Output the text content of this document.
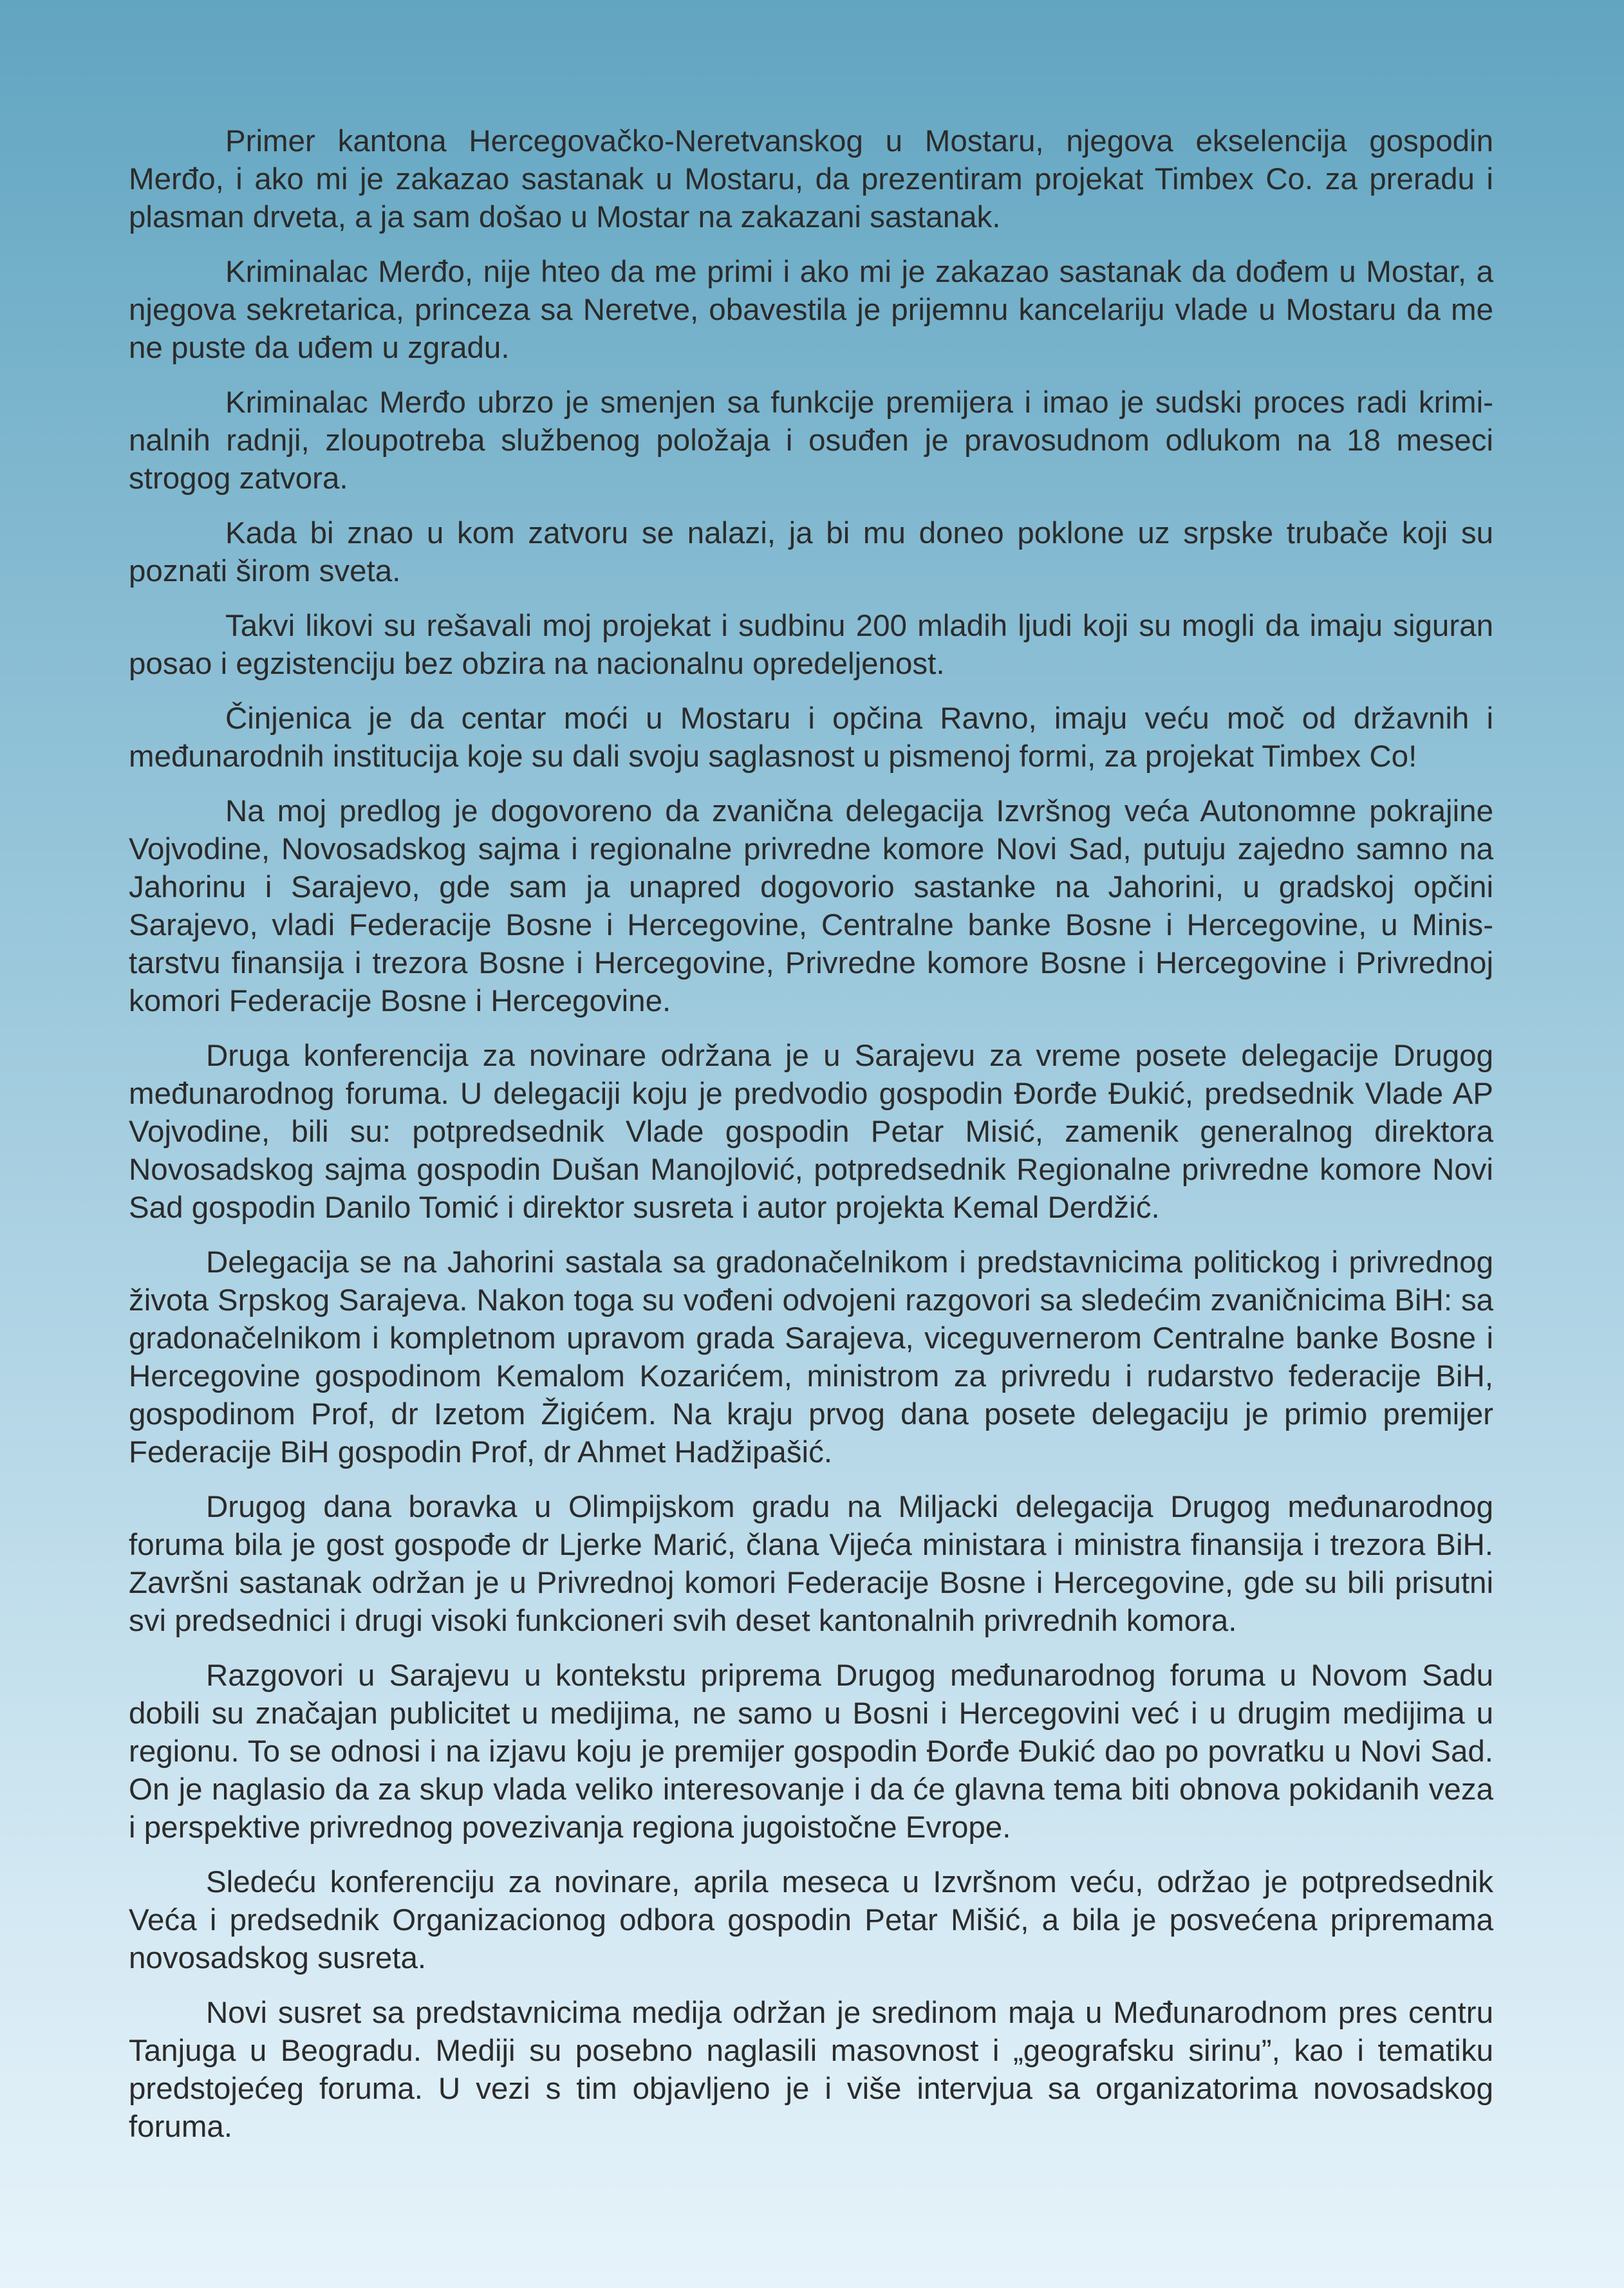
Primer kantona Hercegovačko-Neretvanskog u Mostaru, njegova ekselencija gospodin Merđo, i ako mi je zakazao sastanak u Mostaru, da prezentiram projekat Timbex Co. za preradu i plasman drveta, a ja sam došao u Mostar na zakazani sastanak.

Kriminalac Merđo, nije hteo da me primi i ako mi je zakazao sastanak da dođem u Mostar, a njegova sekretarica, princeza sa Neretve, obavestila je prijemnu kancelariju vlade u Mostaru da me ne puste da uđem u zgradu.

Kriminalac Merđo ubrzo je smenjen sa funkcije premijera i imao je sudski proces radi kriminalnih radnji, zloupotreba službenog položaja i osuđen je pravosudnom odlukom na 18 meseci strogog zatvora.

Kada bi znao u kom zatvoru se nalazi, ja bi mu doneo poklone uz srpske trubače koji su poznati širom sveta.

Takvi likovi su rešavali moj projekat i sudbinu 200 mladih ljudi koji su mogli da imaju siguran posao i egzistenciju bez obzira na nacionalnu opredeljenost.

Činjenica je da centar moći u Mostaru i opčina Ravno, imaju veću moč od državnih i međunarodnih institucija koje su dali svoju saglasnost u pismenoj formi, za projekat Timbex Co!

Na moj predlog je dogovoreno da zvanična delegacija Izvršnog veća Autonomne pokrajine Vojvodine, Novosadskog sajma i regionalne privredne komore Novi Sad, putuju zajedno samno na Jahorinu i Sarajevo, gde sam ja unapred dogovorio sastanke na Jahorini, u gradskoj opčini Sarajevo, vladi Federacije Bosne i Hercegovine, Centralne banke Bosne i Hercegovine, u Ministarstvu finansija i trezora Bosne i Hercegovine, Privredne komore Bosne i Hercegovine i Privrednoj komori Federacije Bosne i Hercegovine.

Druga konferencija za novinare održana je u Sarajevu za vreme posete delegacije Drugog međunarodnog foruma. U delegaciji koju je predvodio gospodin Đorđe Đukić, predsednik Vlade AP Vojvodine, bili su: potpredsednik Vlade gospodin Petar Misić, zamenik generalnog direktora Novosadskog sajma gospodin Dušan Manojlović, potpredsednik Regionalne privredne komore Novi Sad gospodin Danilo Tomić i direktor susreta i autor projekta Kemal Derdžić.

Delegacija se na Jahorini sastala sa gradonačelnikom i predstavnicima politickog i privrednog života Srpskog Sarajeva. Nakon toga su vođeni odvojeni razgovori sa sledećim zvaničnicima BiH: sa gradonačelnikom i kompletnom upravom grada Sarajeva, viceguvernerom Centralne banke Bosne i Hercegovine gospodinom Kemalom Kozarićem, ministrom za privredu i rudarstvo federacije BiH, gospodinom Prof, dr Izetom Žigićem. Na kraju prvog dana posete delegaciju je primio premijer Federacije BiH gospodin Prof, dr Ahmet Hadžipašić.

Drugog dana boravka u Olimpijskom gradu na Miljacki delegacija Drugog međunarodnog foruma bila je gost gospođe dr Ljerke Marić, člana Vijeća ministara i ministra finansija i trezora BiH. Završni sastanak održan je u Privrednoj komori Federacije Bosne i Hercegovine, gde su bili prisutni svi predsednici i drugi visoki funkcioneri svih deset kantonalnih privrednih komora.

Razgovori u Sarajevu u kontekstu priprema Drugog međunarodnog foruma u Novom Sadu dobili su značajan publicitet u medijima, ne samo u Bosni i Hercegovini već i u drugim medijima u regionu. To se odnosi i na izjavu koju je premijer gospodin Đorđe Đukić dao po povratku u Novi Sad. On je naglasio da za skup vlada veliko interesovanje i da će glavna tema biti obnova pokidanih veza i perspektive privrednog povezivanja regiona jugoistočne Evrope.

Sledeću konferenciju za novinare, aprila meseca u Izvršnom veću, održao je potpredsednik Veća i predsednik Organizacionog odbora gospodin Petar Mišić, a bila je posvećena pripremama novosadskog susreta.

Novi susret sa predstavnicima medija održan je sredinom maja u Međunarodnom pres centru Tanjuga u Beogradu. Mediji su posebno naglasili masovnost i „geografsku sirinu”, kao i tematiku predstojećeg foruma. U vezi s tim objavljeno je i više intervjua sa organizatorima novosadskog foruma.
